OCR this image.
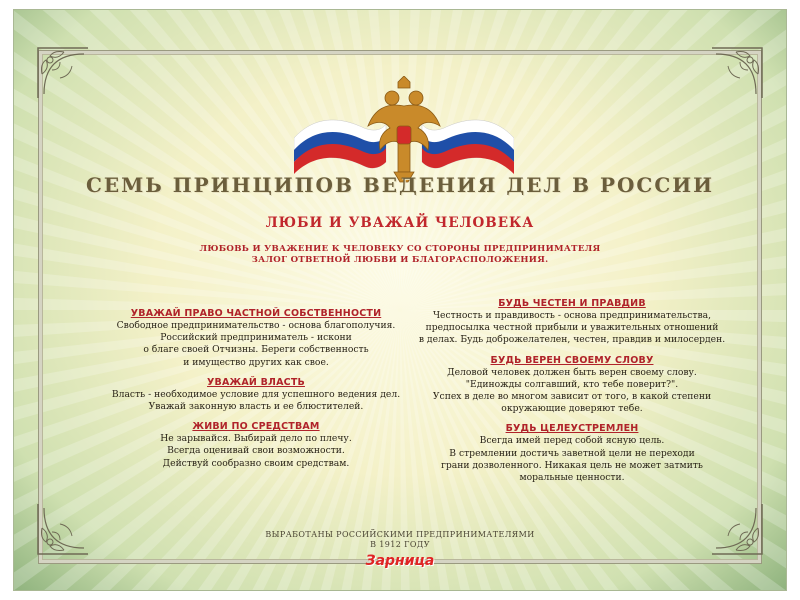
СЕМЬ ПРИНЦИПОВ ВЕДЕНИЯ ДЕЛ В РОССИИ
ЛЮБИ И УВАЖАЙ ЧЕЛОВЕКА
ЛЮБОВЬ И УВАЖЕНИЕ К ЧЕЛОВЕКУ СО СТОРОНЫ ПРЕДПРИНИМАТЕЛЯ
ЗАЛОГ ОТВЕТНОЙ ЛЮБВИ И БЛАГОРАСПОЛОЖЕНИЯ.
УВАЖАЙ ПРАВО ЧАСТНОЙ СОБСТВЕННОСТИ
Свободное предпринимательство - основа благополучия.
Российский предприниматель - искони
о благе своей Отчизны. Береги собственность
и имущество других как свое.
УВАЖАЙ ВЛАСТЬ
Власть - необходимое условие для успешного ведения дел.
Уважай законную власть и ее блюстителей.
ЖИВИ ПО СРЕДСТВАМ
Не зарывайся. Выбирай дело по плечу.
Всегда оценивай свои возможности.
Действуй сообразно своим средствам.
БУДЬ ЧЕСТЕН И ПРАВДИВ
Честность и правдивость - основа предпринимательства,
предпосылка честной прибыли и уважительных отношений
в делах. Будь доброжелателен, честен, правдив и милосерден.
БУДЬ ВЕРЕН СВОЕМУ СЛОВУ
Деловой человек должен быть верен своему слову.
"Единожды солгавший, кто тебе поверит?".
Успех в деле во многом зависит от того, в какой степени
окружающие доверяют тебе.
БУДЬ ЦЕЛЕУСТРЕМЛЕН
Всегда имей перед собой ясную цель.
В стремлении достичь заветной цели не переходи
грани дозволенного. Никакая цель не может затмить
моральные ценности.
ВЫРАБОТАНЫ РОССИЙСКИМИ ПРЕДПРИНИМАТЕЛЯМИ
В 1912 ГОДУ
Зарница
